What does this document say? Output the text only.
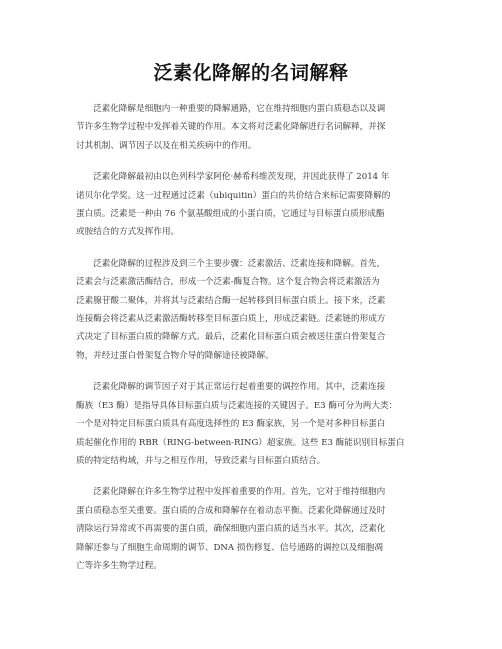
泛素化降解的名词解释
泛素化降解是细胞内一种重要的降解通路，它在维持细胞内蛋白质稳态以及调
节许多生物学过程中发挥着关键的作用。本文将对泛素化降解进行名词解释，并探
讨其机制、调节因子以及在相关疾病中的作用。
泛素化降解最初由以色列科学家阿伦·赫希科维茨发现，并因此获得了 2014 年
诺贝尔化学奖。这一过程通过泛素（ubiquitin）蛋白的共价结合来标记需要降解的
蛋白质。泛素是一种由 76 个氨基酸组成的小蛋白质，它通过与目标蛋白质形成酯
或胺结合的方式发挥作用。
泛素化降解的过程涉及到三个主要步骤：泛素激活、泛素连接和降解。首先，
泛素会与泛素激活酶结合，形成一个泛素-酶复合物。这个复合物会将泛素激活为
泛素腺苷酸二聚体，并将其与泛素结合酶一起转移到目标蛋白质上。接下来，泛素
连接酶会将泛素从泛素激活酶转移至目标蛋白质上，形成泛素链。泛素链的形成方
式决定了目标蛋白质的降解方式。最后，泛素化目标蛋白质会被送往蛋白骨架复合
物，并经过蛋白骨架复合物介导的降解途径被降解。
泛素化降解的调节因子对于其正常运行起着重要的调控作用。其中，泛素连接
酶族（E3 酶）是指导具体目标蛋白质与泛素连接的关键因子。E3 酶可分为两大类：
一个是对特定目标蛋白质具有高度选择性的 E3 酶家族，另一个是对多种目标蛋白
质起催化作用的 RBR（RING-between-RING）超家族。这些 E3 酶能识别目标蛋白
质的特定结构域，并与之相互作用，导致泛素与目标蛋白质结合。
泛素化降解在许多生物学过程中发挥着重要的作用。首先，它对于维持细胞内
蛋白质稳态至关重要。蛋白质的合成和降解存在着动态平衡。泛素化降解通过及时
清除运行异常或不再需要的蛋白质，确保细胞内蛋白质的适当水平。其次，泛素化
降解还参与了细胞生命周期的调节、DNA 损伤修复、信号通路的调控以及细胞凋
亡等许多生物学过程。
